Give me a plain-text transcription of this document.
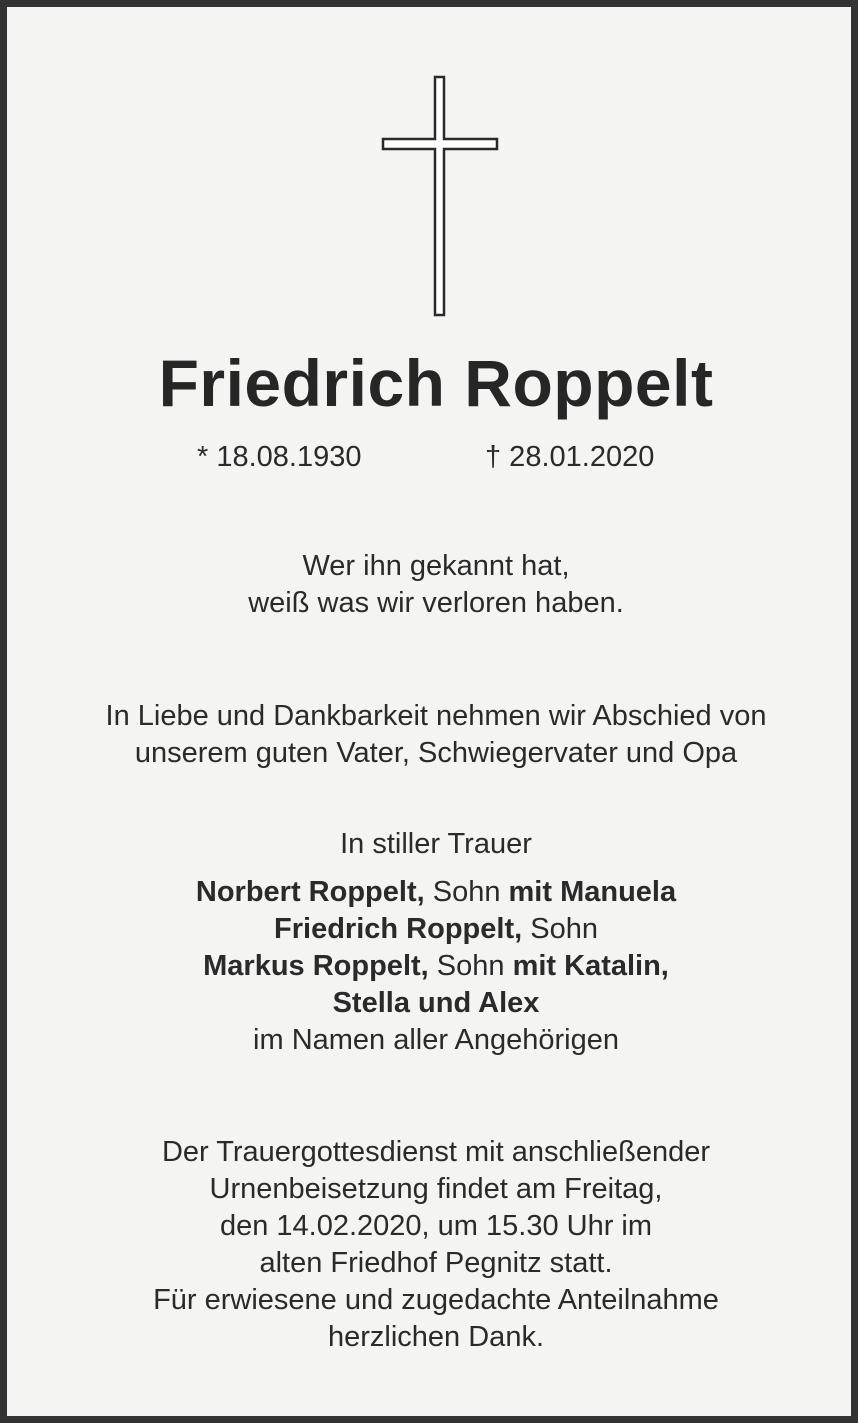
Friedrich Roppelt
* 18.08.1930	† 28.01.2020
Wer ihn gekannt hat,
weiß was wir verloren haben.
In Liebe und Dankbarkeit nehmen wir Abschied von
unserem guten Vater, Schwiegervater und Opa
In stiller Trauer
Norbert Roppelt, Sohn mit Manuela
Friedrich Roppelt, Sohn
Markus Roppelt, Sohn mit Katalin,
Stella und Alex
im Namen aller Angehörigen
Der Trauergottesdienst mit anschließender
Urnenbeisetzung findet am Freitag,
den 14.02.2020, um 15.30 Uhr im
alten Friedhof Pegnitz statt.
Für erwiesene und zugedachte Anteilnahme
herzlichen Dank.
